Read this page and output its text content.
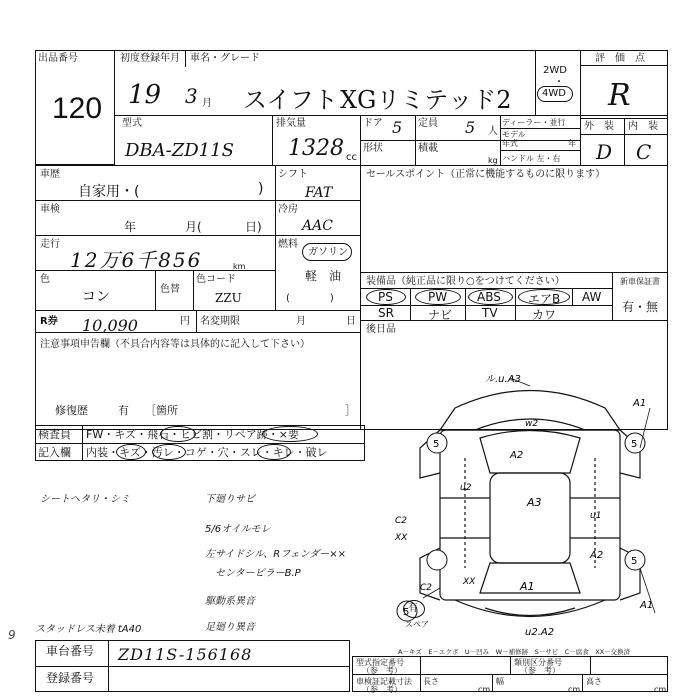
出品番号
120
初度登録年月 車名・グレード
19 3 月 スイフト XGリミテッド2
2WD
・
4WD
評　価　点
R
型式
DBA-ZD11S
排気量
1328 cc
ドア 5 定員 5 人
ディーラー・並行
モデル
年式	年
形状	積載
kg ハンドル 左・右
外　装 内　装
D C
車歴
自家用・(	)
車検
年	月(	日)
走行
12万6千856	km
色
コン	色替
色コード
ZZU
シフト
FAT
冷房
AAC
燃料
ガソリン
軽　油
(　　　　)
セールスポイント（正常に機能するものに限ります）
装備品（純正品に限り○をつけてください）	新車保証書
有・無
PS	PW ABS エアB AW
SR	ナビ TV	カワ
R券 10,090	円 名変期限	月	日
後日品
注意事項申告欄（不具合内容等は具体的に記入して下さい）
修復歴	有 ［箇所	］
検査員 FW・キズ・飛石・ヒビ割・リペア跡・×要
記入欄 内装・キズ・汚レ・コゲ・穴・スレ・キレ・破レ
シートヘタリ・シミ	下廻りサビ
5/6オイルモレ
左サイドシル、Rフェンダー××
センターピラーB.P
駆動系異音
スタッドレス未着 tA40	足廻り異音
ル.u.A3
A1
w2
5	5
A2
A3
u2
u1
C2
XX
5
A2
C2
XX	A1
A1
u2.A2
5
有
スペア
車台番号 ZD11S-156168
登録番号
A－キズ　E－エクボ　U－凹み　W－補修跡　S－サビ　C－腐食　XX－交換済
型式指定番号
（参　考）
類別区分番号
（参　考）
車検証記載寸法
（参　考）
長さ
cm
幅
cm
高さ
cm
9
